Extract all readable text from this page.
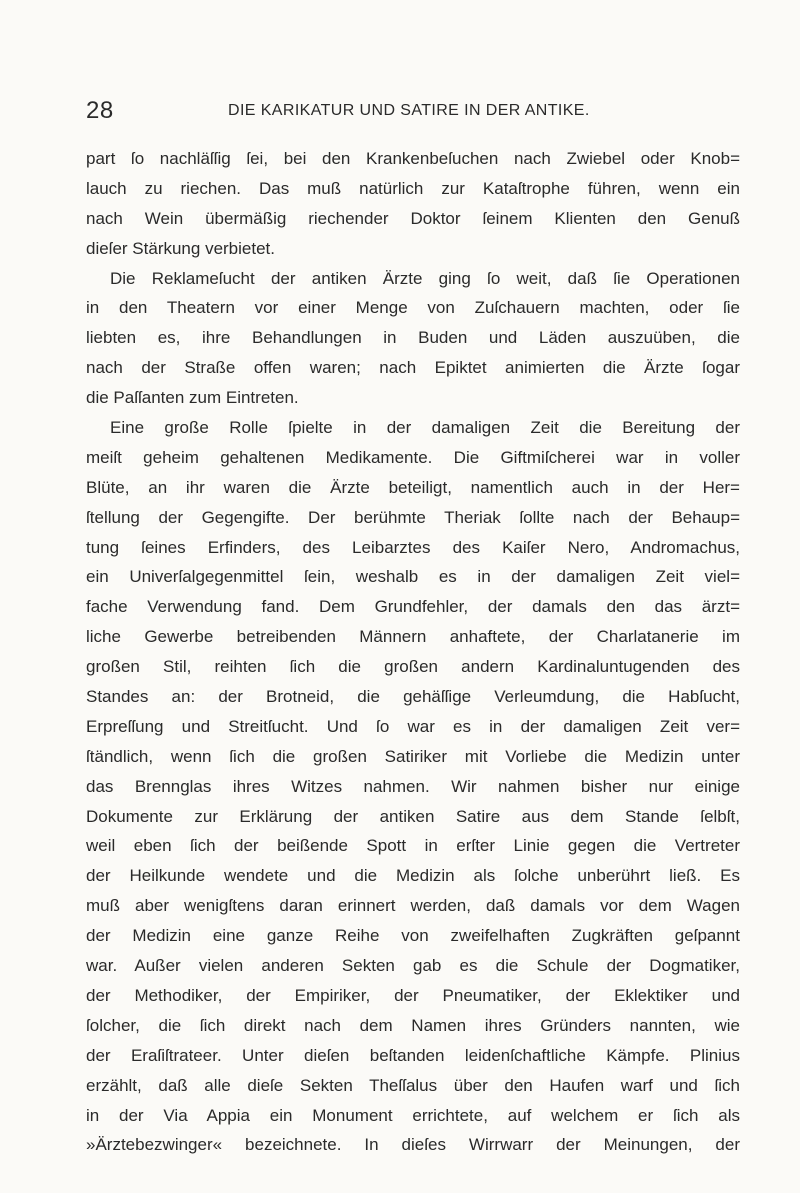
28	DIE KARIKATUR UND SATIRE IN DER ANTIKE.
part ſo nachläſſig ſei, bei den Krankenbeſuchen nach Zwiebel oder Knob=
lauch zu riechen. Das muß natürlich zur Kataſtrophe führen, wenn ein
nach Wein übermäßig riechender Doktor ſeinem Klienten den Genuß
dieſer Stärkung verbietet.
Die Reklameſucht der antiken Ärzte ging ſo weit, daß ſie Operationen
in den Theatern vor einer Menge von Zuſchauern machten, oder ſie
liebten es, ihre Behandlungen in Buden und Läden auszuüben, die
nach der Straße offen waren; nach Epiktet animierten die Ärzte ſogar
die Paſſanten zum Eintreten.
Eine große Rolle ſpielte in der damaligen Zeit die Bereitung der
meiſt geheim gehaltenen Medikamente. Die Giftmiſcherei war in voller
Blüte, an ihr waren die Ärzte beteiligt, namentlich auch in der Her=
ſtellung der Gegengifte. Der berühmte Theriak ſollte nach der Behaup=
tung ſeines Erfinders, des Leibarztes des Kaiſer Nero, Andromachus,
ein Univerſalgegenmittel ſein, weshalb es in der damaligen Zeit viel=
fache Verwendung fand. Dem Grundfehler, der damals den das ärzt=
liche Gewerbe betreibenden Männern anhaftete, der Charlatanerie im
großen Stil, reihten ſich die großen andern Kardinaluntugenden des
Standes an: der Brotneid, die gehäſſige Verleumdung, die Habſucht,
Erpreſſung und Streitſucht. Und ſo war es in der damaligen Zeit ver=
ſtändlich, wenn ſich die großen Satiriker mit Vorliebe die Medizin unter
das Brennglas ihres Witzes nahmen. Wir nahmen bisher nur einige
Dokumente zur Erklärung der antiken Satire aus dem Stande ſelbſt,
weil eben ſich der beißende Spott in erſter Linie gegen die Vertreter
der Heilkunde wendete und die Medizin als ſolche unberührt ließ. Es
muß aber wenigſtens daran erinnert werden, daß damals vor dem Wagen
der Medizin eine ganze Reihe von zweifelhaften Zugkräften geſpannt
war. Außer vielen anderen Sekten gab es die Schule der Dogmatiker,
der Methodiker, der Empiriker, der Pneumatiker, der Eklektiker und
ſolcher, die ſich direkt nach dem Namen ihres Gründers nannten, wie
der Eraſiſtrateer. Unter dieſen beſtanden leidenſchaftliche Kämpfe. Plinius
erzählt, daß alle dieſe Sekten Theſſalus über den Haufen warf und ſich
in der Via Appia ein Monument errichtete, auf welchem er ſich als
»Ärztebezwinger« bezeichnete. In dieſes Wirrwarr der Meinungen, der
